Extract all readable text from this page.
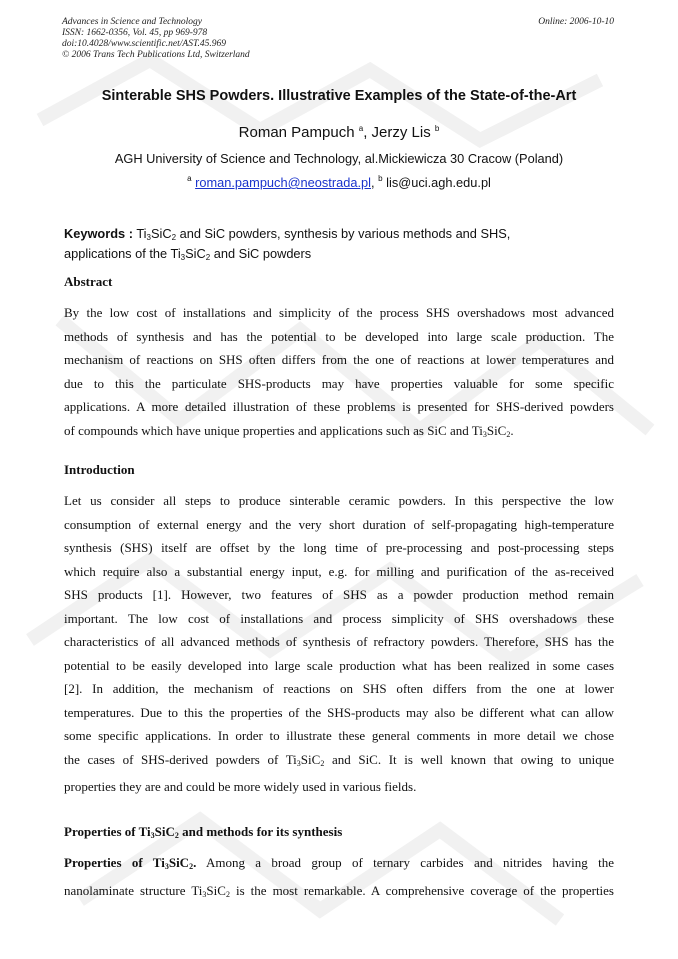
Advances in Science and Technology
ISSN: 1662-0356, Vol. 45, pp 969-978
doi:10.4028/www.scientific.net/AST.45.969
© 2006 Trans Tech Publications Ltd, Switzerland
Online: 2006-10-10
Sinterable SHS Powders. Illustrative Examples of the State-of-the-Art
Roman Pampuch $^a$, Jerzy Lis $^b$
AGH University of Science and Technology, al.Mickiewicza 30 Cracow (Poland)
$^a$ roman.pampuch@neostrada.pl, $^b$ lis@uci.agh.edu.pl
Keywords : $Ti_3SiC_2$ and SiC powders, synthesis by various methods and SHS,
applications of the $Ti_3SiC_2$ and SiC powders
Abstract
By the low cost of installations and simplicity of the process SHS overshadows most advanced
methods of synthesis and has the potential to be developed into large scale production. The
mechanism of reactions on SHS often differs from the one of reactions at lower temperatures and
due to this the particulate SHS-products may have properties valuable for some specific
applications. A more detailed illustration of these problems is presented for SHS-derived powders
of compounds which have unique properties and applications such as SiC and $Ti_3SiC_2$.
Introduction
Let us consider all steps to produce sinterable ceramic powders. In this perspective the low
consumption of external energy and the very short duration of self-propagating high-temperature
synthesis (SHS) itself are offset by the long time of pre-processing and post-processing steps
which require also a substantial energy input, e.g. for milling and purification of the as-received
SHS products [1]. However, two features of SHS as a powder production method remain
important. The low cost of installations and process simplicity of SHS overshadows these
characteristics of all advanced methods of synthesis of refractory powders. Therefore, SHS has the
potential to be easily developed into large scale production what has been realized in some cases
[2]. In addition, the mechanism of reactions on SHS often differs from the one at lower
temperatures. Due to this the properties of the SHS-products may also be different what can allow
some specific applications. In order to illustrate these general comments in more detail we chose
the cases of SHS-derived powders of $Ti_3SiC_2$ and SiC. It is well known that owing to unique
properties they are and could be more widely used in various fields.
Properties of $Ti_3SiC_2$ and methods for its synthesis
Properties of $Ti_3SiC_2$. Among a broad group of ternary carbides and nitrides having the
nanolaminate structure $Ti_3SiC_2$ is the most remarkable. A comprehensive coverage of the properties
